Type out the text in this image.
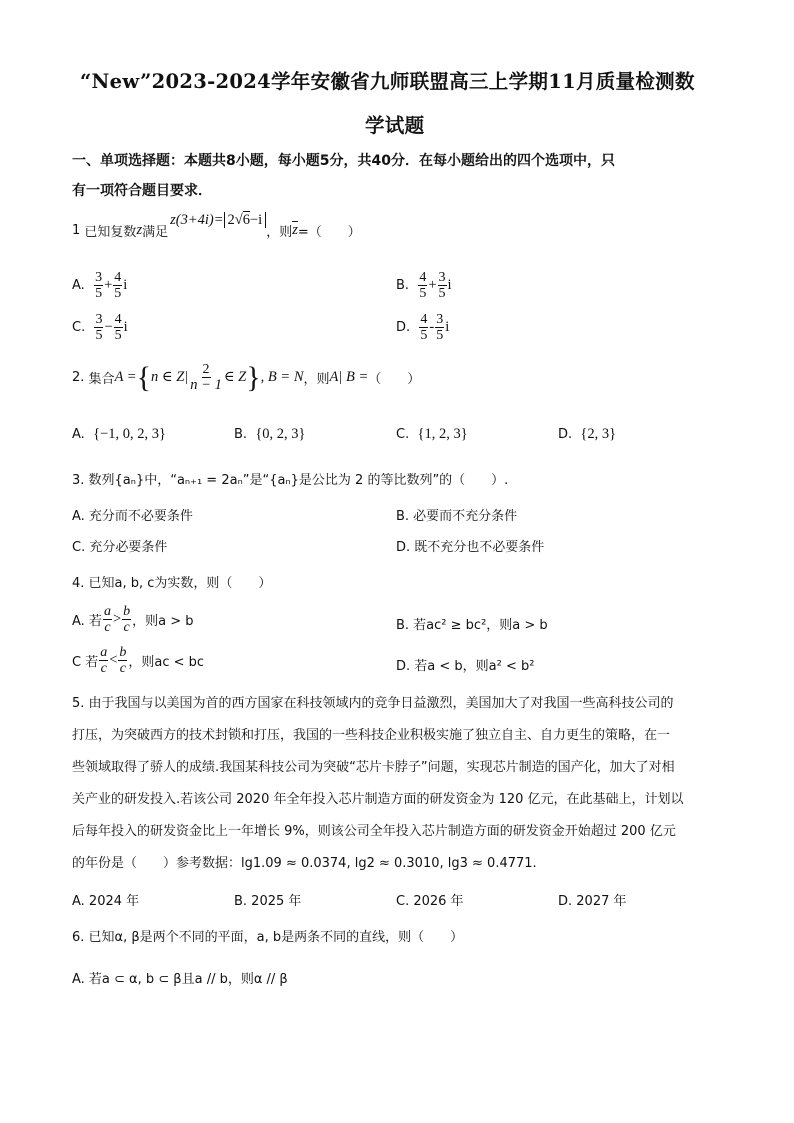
“New”2023-2024学年安徽省九师联盟高三上学期11月质量检测数
学试题
一、单项选择题：本题共8小题，每小题5分，共40分．在每小题给出的四个选项中，只
有一项符合题目要求．
1
已知复数 z 满足
z(3+4i)= 2√6−i
，则 $\overline{z}$ =（　　）
A.
$\frac{3}{5} + \frac{4}{5}$ i	B.
$\frac{4}{5} + \frac{3}{5}$ i
C.
$\frac{3}{5} - \frac{4}{5}$ i	D.
$\frac{4}{5} - \frac{3}{5}$ i
2.
集合 A = { n ∈ $Z| \frac{2}{n - 1}$ ∈ Z } , B = N ，则 A| B = （　　）
A. {−1, 0, 2, 3}	B. {0, 2, 3}	C. {1, 2, 3}	D. {2, 3}
3. 数列{aₙ}中，“aₙ₊₁ = 2aₙ”是“{aₙ}是公比为 2 的等比数列”的（　　）.
A. 充分而不必要条件	B. 必要而不充分条件
C. 充分必要条件	D. 既不充分也不必要条件
4. 已知a, b, c为实数，则（　　）
A. 若 $\frac{a}{c} > \frac{b}{c}$ ，则a > b	B. 若ac² ≥ bc²，则a > b
C 若 $\frac{a}{c} < \frac{b}{c}$ ，则ac < bc	D. 若a < b，则a² < b²
5. 由于我国与以美国为首的西方国家在科技领域内的竞争日益激烈，美国加大了对我国一些高科技公司的
打压，为突破西方的技术封锁和打压，我国的一些科技企业积极实施了独立自主、自力更生的策略，在一
些领域取得了骄人的成绩.我国某科技公司为突破“芯片卡脖子”问题，实现芯片制造的国产化，加大了对相
关产业的研发投入.若该公司 2020 年全年投入芯片制造方面的研发资金为 120 亿元，在此基础上，计划以
后每年投入的研发资金比上一年增长 9%，则该公司全年投入芯片制造方面的研发资金开始超过 200 亿元
的年份是（　　）参考数据：lg1.09 ≈ 0.0374, lg2 ≈ 0.3010, lg3 ≈ 0.4771.
A. 2024 年	B. 2025 年	C. 2026 年	D. 2027 年
6. 已知α, β是两个不同的平面，a, b是两条不同的直线，则（　　）
A. 若a ⊂ α, b ⊂ β且a // b，则α // β
